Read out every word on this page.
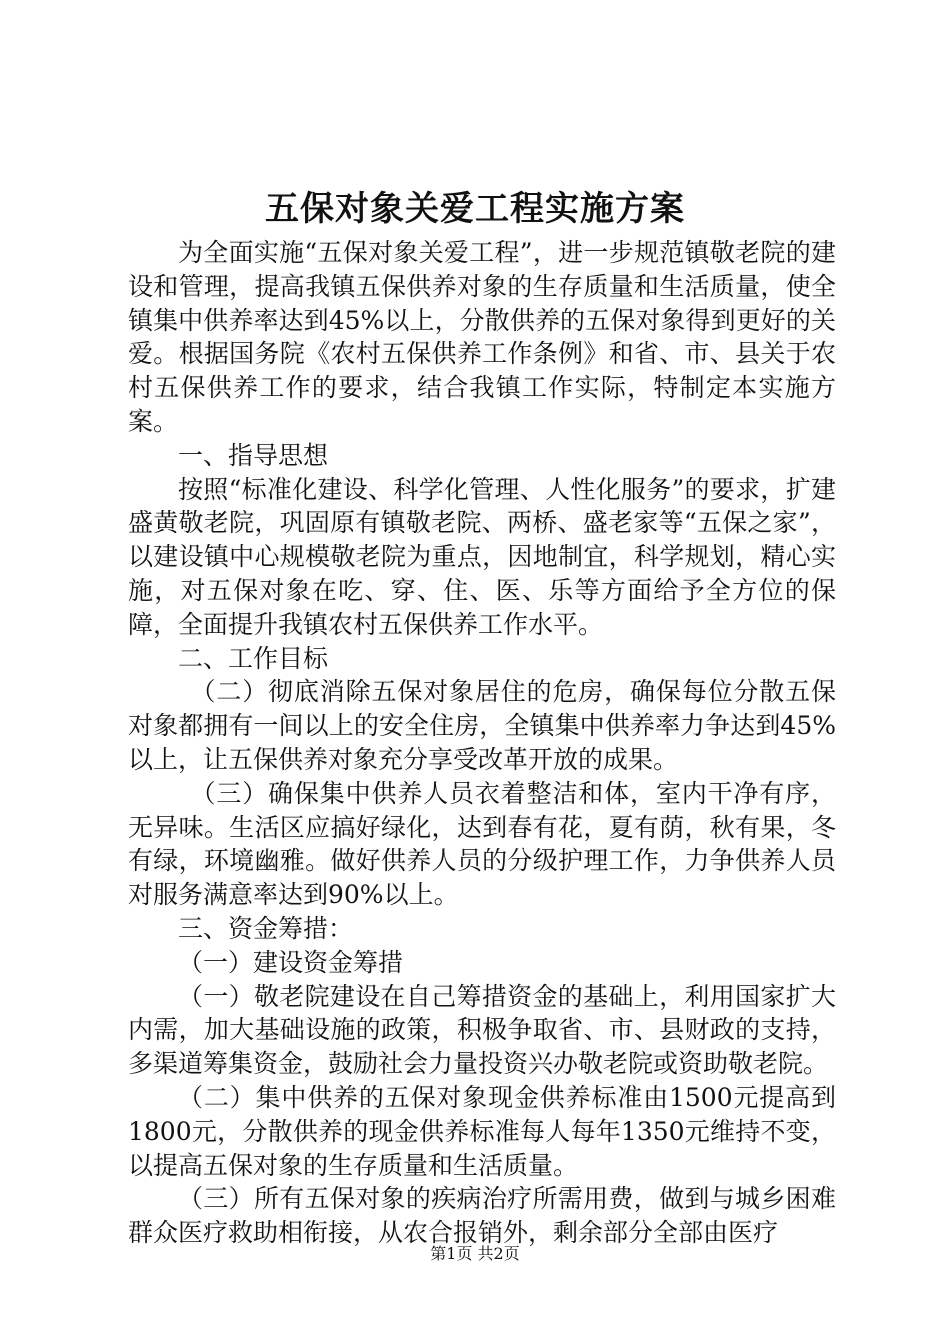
五保对象关爱工程实施方案

为全面实施“五保对象关爱工程”，进一步规范镇敬老院的建设和管理，提高我镇五保供养对象的生存质量和生活质量，使全镇集中供养率达到45%以上，分散供养的五保对象得到更好的关爱。根据国务院《农村五保供养工作条例》和省、市、县关于农村五保供养工作的要求，结合我镇工作实际，特制定本实施方案。

一、指导思想

按照“标准化建设、科学化管理、人性化服务”的要求，扩建盛黄敬老院，巩固原有镇敬老院、两桥、盛老家等“五保之家”，以建设镇中心规模敬老院为重点，因地制宜，科学规划，精心实施，对五保对象在吃、穿、住、医、乐等方面给予全方位的保障，全面提升我镇农村五保供养工作水平。

二、工作目标

（二）彻底消除五保对象居住的危房，确保每位分散五保对象都拥有一间以上的安全住房，全镇集中供养率力争达到45%以上，让五保供养对象充分享受改革开放的成果。

（三）确保集中供养人员衣着整洁和体，室内干净有序，无异味。生活区应搞好绿化，达到春有花，夏有荫，秋有果，冬有绿，环境幽雅。做好供养人员的分级护理工作，力争供养人员对服务满意率达到90%以上。

三、资金筹措：

（一）建设资金筹措

（一）敬老院建设在自己筹措资金的基础上，利用国家扩大内需，加大基础设施的政策，积极争取省、市、县财政的支持，多渠道筹集资金，鼓励社会力量投资兴办敬老院或资助敬老院。

（二）集中供养的五保对象现金供养标准由1500元提高到1800元，分散供养的现金供养标准每人每年1350元维持不变，以提高五保对象的生存质量和生活质量。

（三）所有五保对象的疾病治疗所需用费，做到与城乡困难群众医疗救助相衔接，从农合报销外，剩余部分全部由医疗

第1页 共2页
